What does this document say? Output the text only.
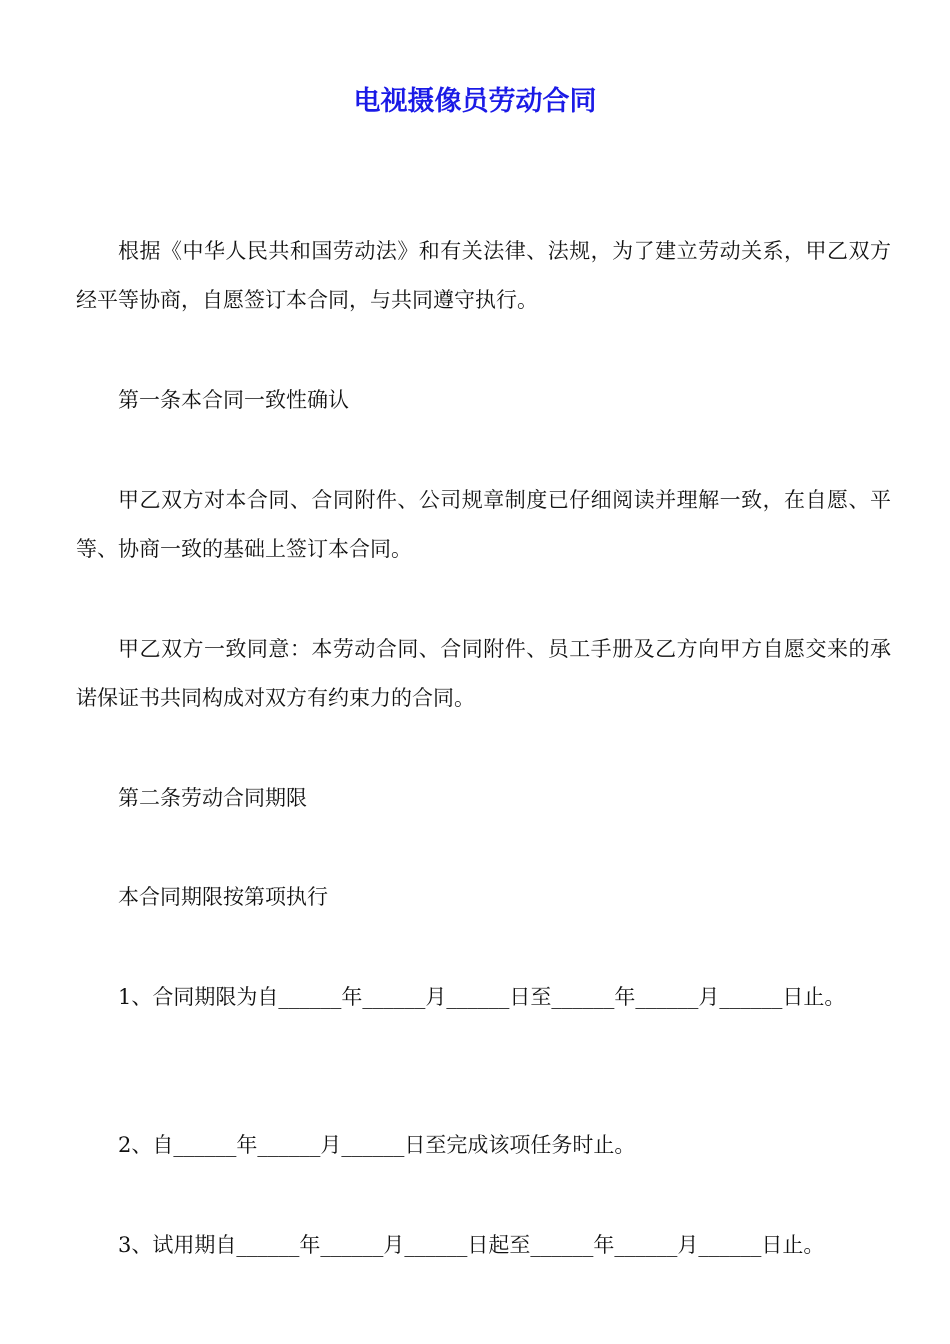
电视摄像员劳动合同

根据《中华人民共和国劳动法》和有关法律、法规，为了建立劳动关系，甲乙双方经平等协商，自愿签订本合同，与共同遵守执行。

第一条本合同一致性确认

甲乙双方对本合同、合同附件、公司规章制度已仔细阅读并理解一致，在自愿、平等、协商一致的基础上签订本合同。

甲乙双方一致同意：本劳动合同、合同附件、员工手册及乙方向甲方自愿交来的承诺保证书共同构成对双方有约束力的合同。

第二条劳动合同期限

本合同期限按第项执行

1、合同期限为自______年______月______日至______年______月______日止。

2、自______年______月______日至完成该项任务时止。

3、试用期自______年______月______日起至______年______月______日止。
